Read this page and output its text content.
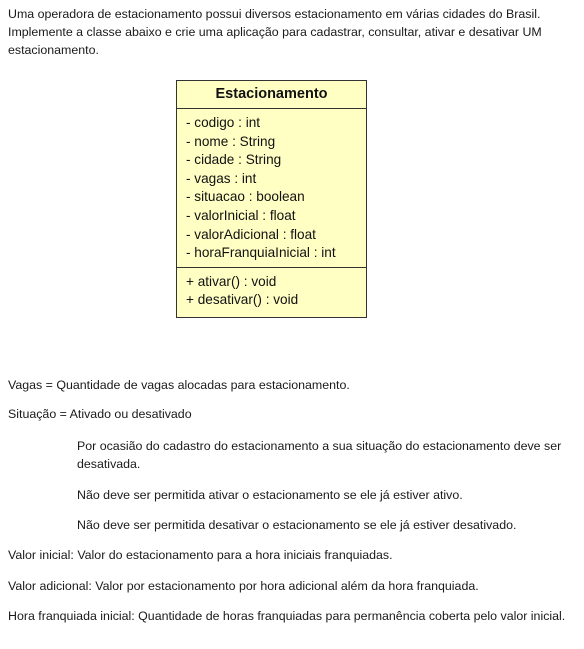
Uma operadora de estacionamento possui diversos estacionamento em várias cidades do Brasil. Implemente a classe abaixo e crie uma aplicação para cadastrar, consultar, ativar e desativar UM estacionamento.

Estacionamento
- codigo : int
- nome : String
- cidade : String
- vagas : int
- situacao : boolean
- valorInicial : float
- valorAdicional : float
- horaFranquiaInicial : int
+ ativar() : void
+ desativar() : void

Vagas = Quantidade de vagas alocadas para estacionamento.

Situação = Ativado ou desativado

Por ocasião do cadastro do estacionamento a sua situação do estacionamento deve ser desativada.

Não deve ser permitida ativar o estacionamento se ele já estiver ativo.

Não deve ser permitida desativar o estacionamento se ele já estiver desativado.

Valor inicial: Valor do estacionamento para a hora iniciais franquiadas.

Valor adicional: Valor por estacionamento por hora adicional além da hora franquiada.

Hora franquiada inicial: Quantidade de horas franquiadas para permanência coberta pelo valor inicial.
